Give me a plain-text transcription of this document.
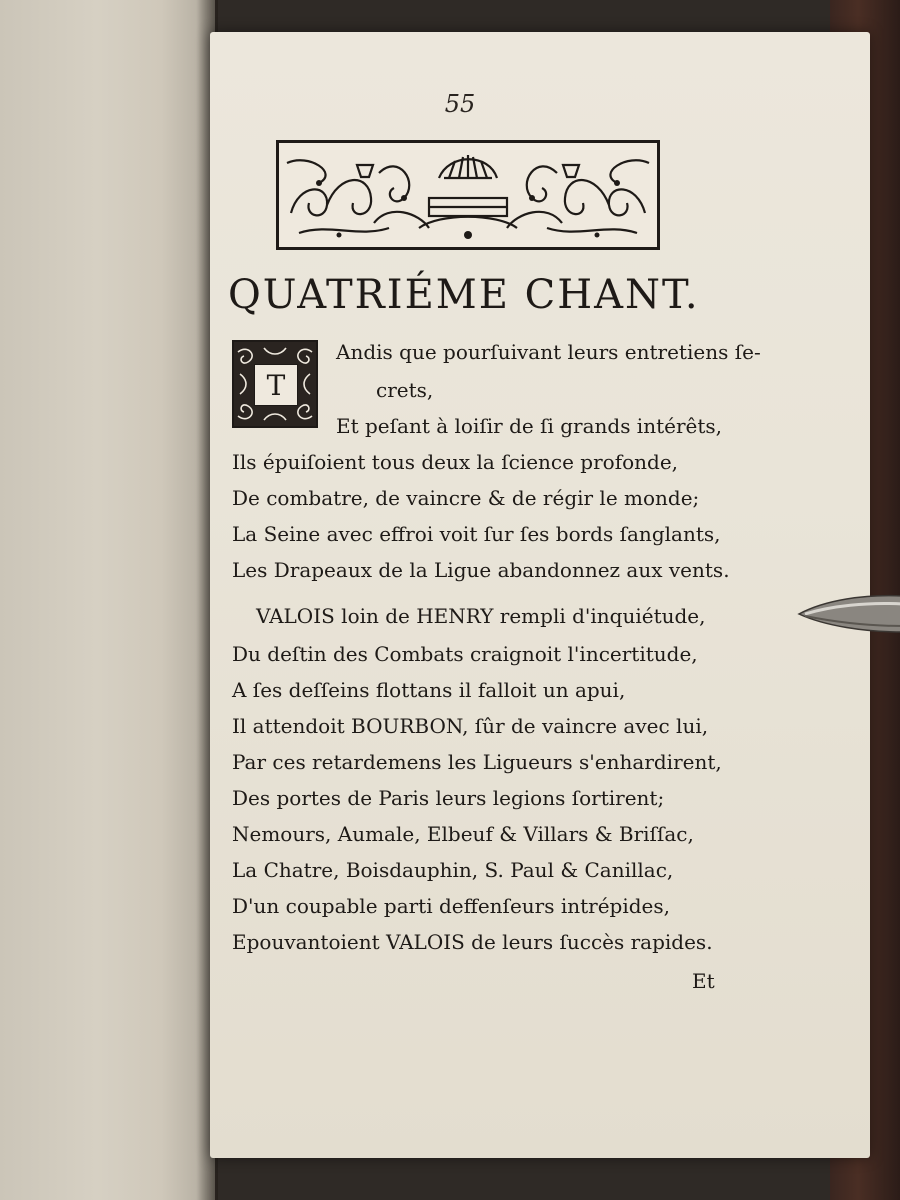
55
QUATRIÉME CHANT.
T
Andis que pourſuivant leurs entretiens ſe-
crets,
Et peſant à loiſir de ſi grands intérêts,
Ils épuiſoient tous deux la ſcience profonde,
De combatre, de vaincre & de régir le monde;
La Seine avec effroi voit ſur ſes bords ſanglants,
Les Drapeaux de la Ligue abandonnez aux vents.
VALOIS loin de HENRY rempli d'inquiétude,
Du deſtin des Combats craignoit l'incertitude,
A ſes deſſeins flottans il falloit un apui,
Il attendoit BOURBON, ſûr de vaincre avec lui,
Par ces retardemens les Ligueurs s'enhardirent,
Des portes de Paris leurs legions ſortirent;
Nemours, Aumale, Elbeuf & Villars & Briſſac,
La Chatre, Boisdauphin, S. Paul & Canillac,
D'un coupable parti deffenſeurs intrépides,
Epouvantoient VALOIS de leurs ſuccès rapides.
Et
